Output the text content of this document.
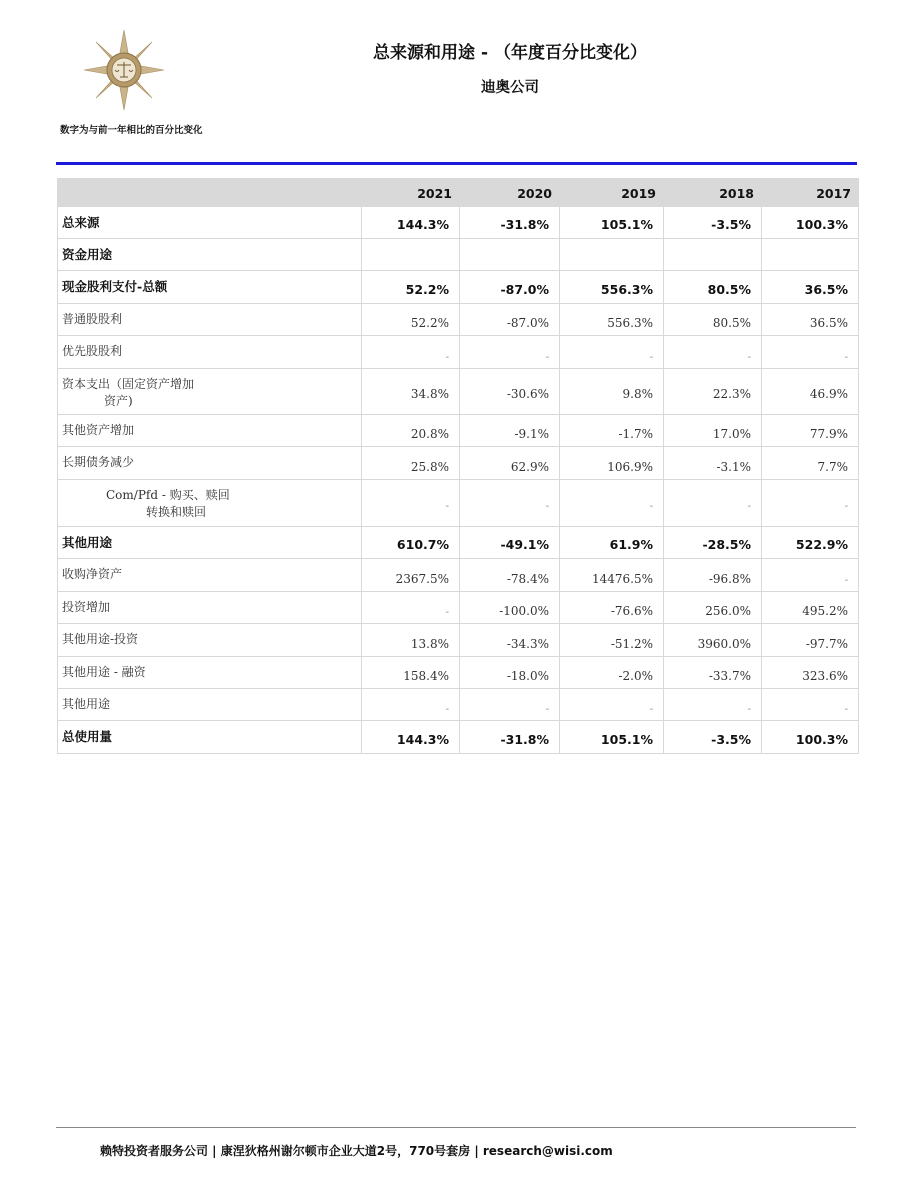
数字为与前一年相比的百分比变化
总来源和用途 - （年度百分比变化）
迪奥公司
	2021	2020	2019	2018	2017
总来源	144.3%	-31.8%	105.1%	-3.5%	100.3%
资金用途					
现金股利支付-总额	52.2%	-87.0%	556.3%	80.5%	36.5%
普通股股利	52.2%	-87.0%	556.3%	80.5%	36.5%
优先股股利	-	-	-	-	-
资本支出（固定资产增加
资产)	34.8%	-30.6%	9.8%	22.3%	46.9%
其他资产增加	20.8%	-9.1%	-1.7%	17.0%	77.9%
长期债务减少	25.8%	62.9%	106.9%	-3.1%	7.7%

Com/Pfd - 购买、赎回
转换和赎回	-	-	-	-	-
其他用途	610.7%	-49.1%	61.9%	-28.5%	522.9%
收购净资产	2367.5%	-78.4%	14476.5%	-96.8%	-
投资增加	-	-100.0%	-76.6%	256.0%	495.2%
其他用途-投资	13.8%	-34.3%	-51.2%	3960.0%	-97.7%
其他用途 - 融资	158.4%	-18.0%	-2.0%	-33.7%	323.6%
其他用途	-	-	-	-	-
总使用量	144.3%	-31.8%	105.1%	-3.5%	100.3%
赖特投资者服务公司 | 康涅狄格州谢尔顿市企业大道2号，770号套房 | research@wisi.com
